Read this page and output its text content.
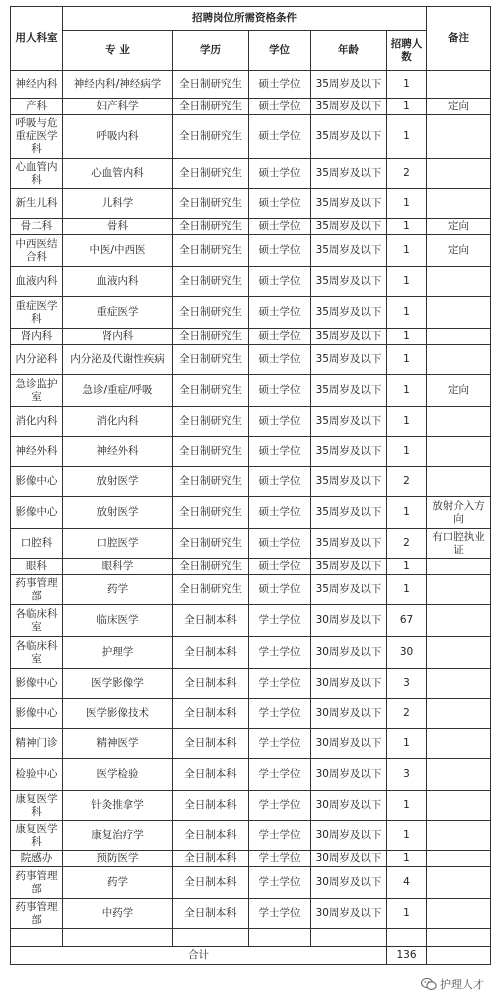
用人科室	招聘岗位所需资格条件					备注
	专 业	学历	学位	年龄	招聘人数	
神经内科	神经内科/神经病学	全日制研究生	硕士学位	35周岁及以下	1	
产科	妇产科学	全日制研究生	硕士学位	35周岁及以下	1	定向
呼吸与危重症医学科	呼吸内科	全日制研究生	硕士学位	35周岁及以下	1	
心血管内科	心血管内科	全日制研究生	硕士学位	35周岁及以下	2	
新生儿科	儿科学	全日制研究生	硕士学位	35周岁及以下	1	
骨二科	骨科	全日制研究生	硕士学位	35周岁及以下	1	定向
中西医结合科	中医/中西医	全日制研究生	硕士学位	35周岁及以下	1	定向
血液内科	血液内科	全日制研究生	硕士学位	35周岁及以下	1	
重症医学科	重症医学	全日制研究生	硕士学位	35周岁及以下	1	
肾内科	肾内科	全日制研究生	硕士学位	35周岁及以下	1	
内分泌科	内分泌及代谢性疾病	全日制研究生	硕士学位	35周岁及以下	1	
急诊监护室	急诊/重症/呼吸	全日制研究生	硕士学位	35周岁及以下	1	定向
消化内科	消化内科	全日制研究生	硕士学位	35周岁及以下	1	
神经外科	神经外科	全日制研究生	硕士学位	35周岁及以下	1	
影像中心	放射医学	全日制研究生	硕士学位	35周岁及以下	2	
影像中心	放射医学	全日制研究生	硕士学位	35周岁及以下	1	放射介入方向
口腔科	口腔医学	全日制研究生	硕士学位	35周岁及以下	2	有口腔执业证
眼科	眼科学	全日制研究生	硕士学位	35周岁及以下	1	
药事管理部	药学	全日制研究生	硕士学位	35周岁及以下	1	
各临床科室	临床医学	全日制本科	学士学位	30周岁及以下	67	
各临床科室	护理学	全日制本科	学士学位	30周岁及以下	30	
影像中心	医学影像学	全日制本科	学士学位	30周岁及以下	3	
影像中心	医学影像技术	全日制本科	学士学位	30周岁及以下	2	
精神门诊	精神医学	全日制本科	学士学位	30周岁及以下	1	
检验中心	医学检验	全日制本科	学士学位	30周岁及以下	3	
康复医学科	针灸推拿学	全日制本科	学士学位	30周岁及以下	1	
康复医学科	康复治疗学	全日制本科	学士学位	30周岁及以下	1	
院感办	预防医学	全日制本科	学士学位	30周岁及以下	1	
药事管理部	药学	全日制本科	学士学位	30周岁及以下	4	
药事管理部	中药学	全日制本科	学士学位	30周岁及以下	1	

合计					136	
护理人才
